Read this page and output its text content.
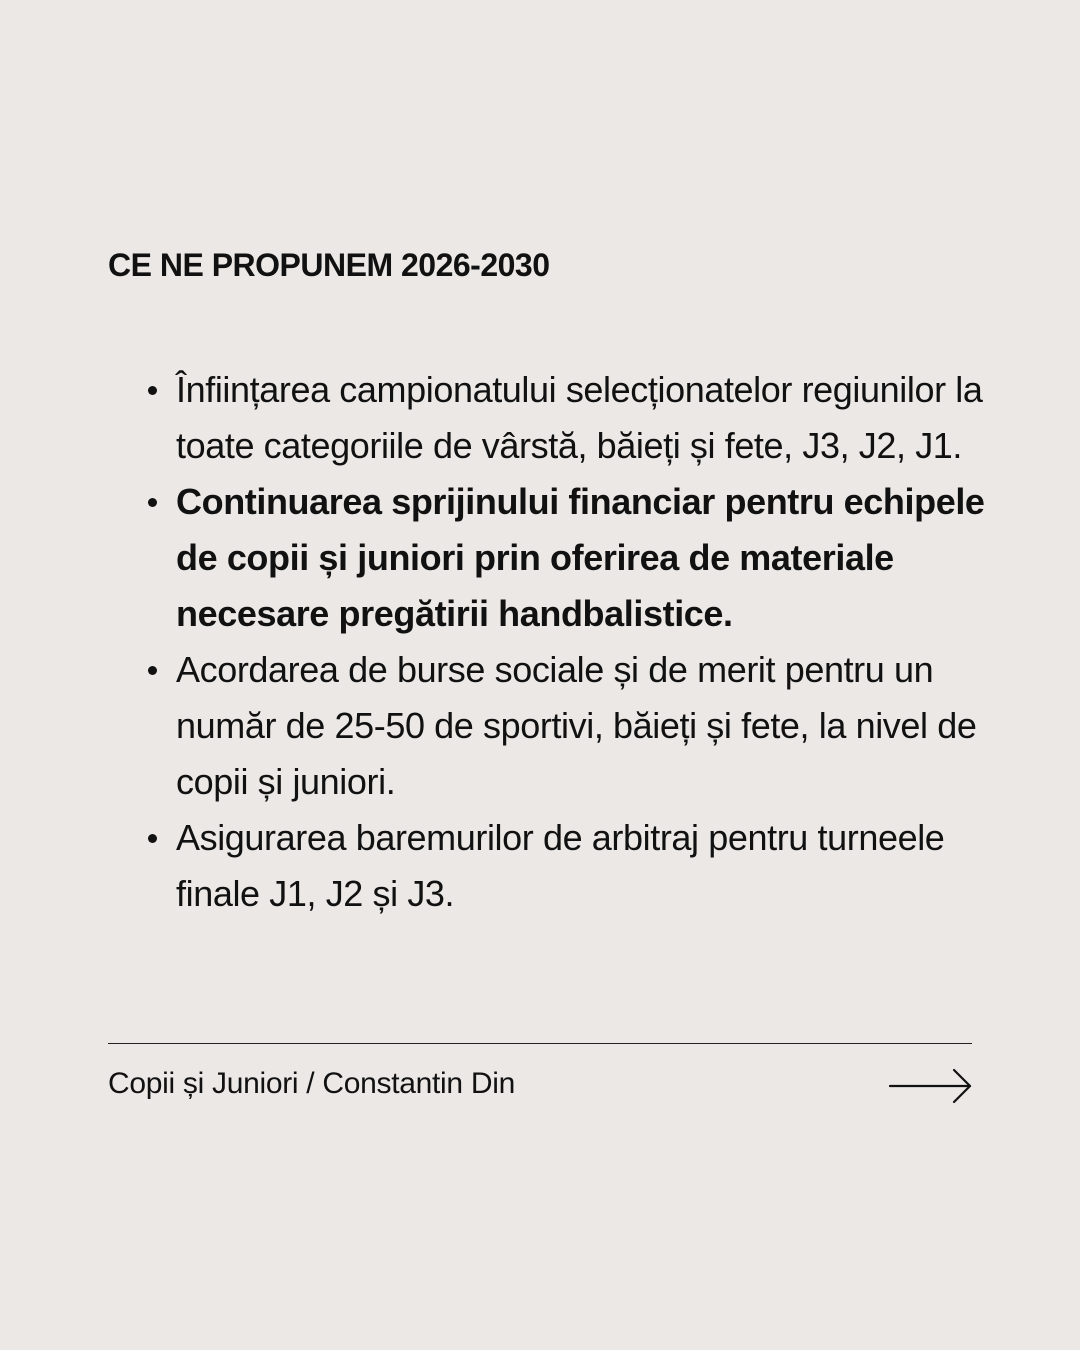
CE NE PROPUNEM 2026-2030
Înființarea campionatului selecționatelor regiunilor la toate categoriile de vârstă, băieți și fete, J3, J2, J1.
Continuarea sprijinului financiar pentru echipele de copii și juniori prin oferirea de materiale necesare pregătirii handbalistice.
Acordarea de burse sociale și de merit pentru un număr de 25-50 de sportivi, băieți și fete, la nivel de copii și juniori.
Asigurarea baremurilor de arbitraj pentru turneele finale J1, J2 și J3.
Copii și Juniori / Constantin Din
